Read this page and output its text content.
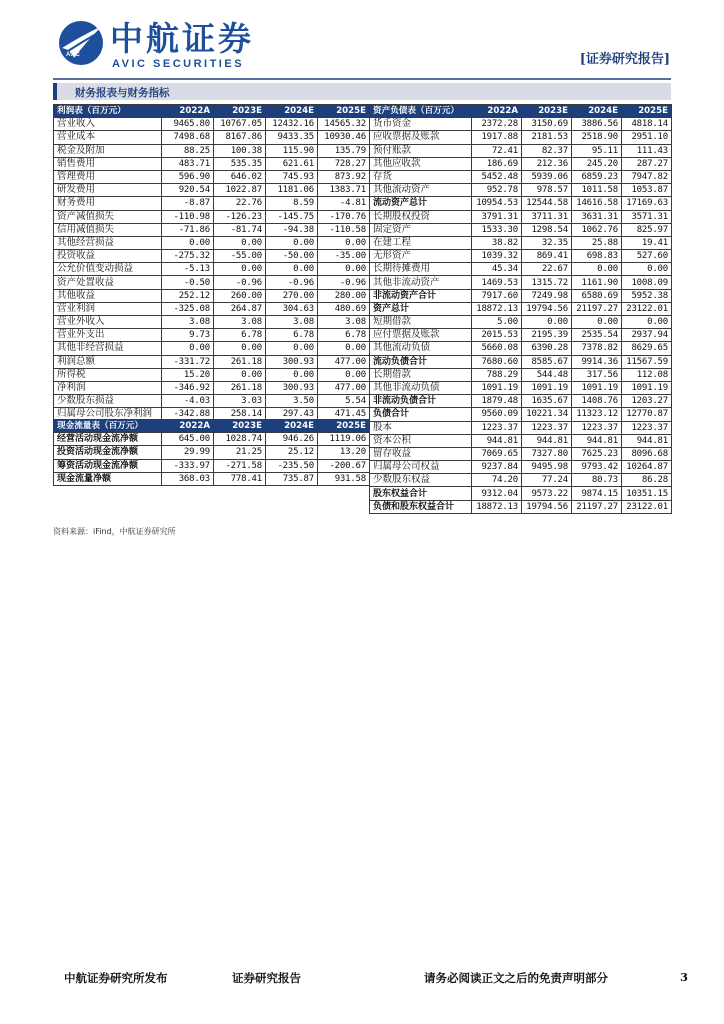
AVIC 中航证券
AVIC SECURITIES	[证券研究报告]
财务报表与财务指标
利润表（百万元）	2022A	2023E	2024E	2025E
营业收入	9465.80	10767.05	12432.16	14565.32
营业成本	7498.68	8167.86	9433.35	10930.46
税金及附加	88.25	100.38	115.90	135.79
销售费用	483.71	535.35	621.61	728.27
管理费用	596.90	646.02	745.93	873.92
研发费用	920.54	1022.87	1181.06	1383.71
财务费用	-8.87	22.76	8.59	-4.81
资产减值损失	-110.98	-126.23	-145.75	-170.76
信用减值损失	-71.86	-81.74	-94.38	-110.58
其他经营损益	0.00	0.00	0.00	0.00
投资收益	-275.32	-55.00	-50.00	-35.00
公允价值变动损益	-5.13	0.00	0.00	0.00
资产处置收益	-0.50	-0.96	-0.96	-0.96
其他收益	252.12	260.00	270.00	280.00
营业利润	-325.08	264.87	304.63	480.69
营业外收入	3.08	3.08	3.08	3.08
营业外支出	9.73	6.78	6.78	6.78
其他非经营损益	0.00	0.00	0.00	0.00
利润总额	-331.72	261.18	300.93	477.00
所得税	15.20	0.00	0.00	0.00
净利润	-346.92	261.18	300.93	477.00
少数股东损益	-4.03	3.03	3.50	5.54
归属母公司股东净利润	-342.88	258.14	297.43	471.45
资产负债表（百万元）	2022A	2023E	2024E	2025E
货币资金	2372.28	3150.69	3886.56	4818.14
应收票据及账款	1917.88	2181.53	2518.90	2951.10
预付账款	72.41	82.37	95.11	111.43
其他应收款	186.69	212.36	245.20	287.27
存货	5452.48	5939.06	6859.23	7947.82
其他流动资产	952.78	978.57	1011.58	1053.87
流动资产总计	10954.53	12544.58	14616.58	17169.63
长期股权投资	3791.31	3711.31	3631.31	3571.31
固定资产	1533.30	1298.54	1062.76	825.97
在建工程	38.82	32.35	25.88	19.41
无形资产	1039.32	869.41	698.83	527.60
长期待摊费用	45.34	22.67	0.00	0.00
其他非流动资产	1469.53	1315.72	1161.90	1008.09
非流动资产合计	7917.60	7249.98	6580.69	5952.38
资产总计	18872.13	19794.56	21197.27	23122.01
短期借款	5.00	0.00	0.00	0.00
应付票据及账款	2015.53	2195.39	2535.54	2937.94
其他流动负债	5660.08	6390.28	7378.82	8629.65
流动负债合计	7680.60	8585.67	9914.36	11567.59
长期借款	788.29	544.48	317.56	112.08
其他非流动负债	1091.19	1091.19	1091.19	1091.19
非流动负债合计	1879.48	1635.67	1408.76	1203.27
负债合计	9560.09	10221.34	11323.12	12770.87
股本	1223.37	1223.37	1223.37	1223.37
资本公积	944.81	944.81	944.81	944.81
留存收益	7069.65	7327.80	7625.23	8096.68
归属母公司权益	9237.84	9495.98	9793.42	10264.87
少数股东权益	74.20	77.24	80.73	86.28
股东权益合计	9312.04	9573.22	9874.15	10351.15
负债和股东权益合计	18872.13	19794.56	21197.27	23122.01
现金流量表（百万元）	2022A	2023E	2024E	2025E
经营活动现金流净额	645.00	1028.74	946.26	1119.06
投资活动现金流净额	29.99	21.25	25.12	13.20
筹资活动现金流净额	-333.97	-271.58	-235.50	-200.67
现金流量净额	368.03	778.41	735.87	931.58
资料来源：iFind，中航证券研究所
中航证券研究所发布	证券研究报告	请务必阅读正文之后的免责声明部分	3
